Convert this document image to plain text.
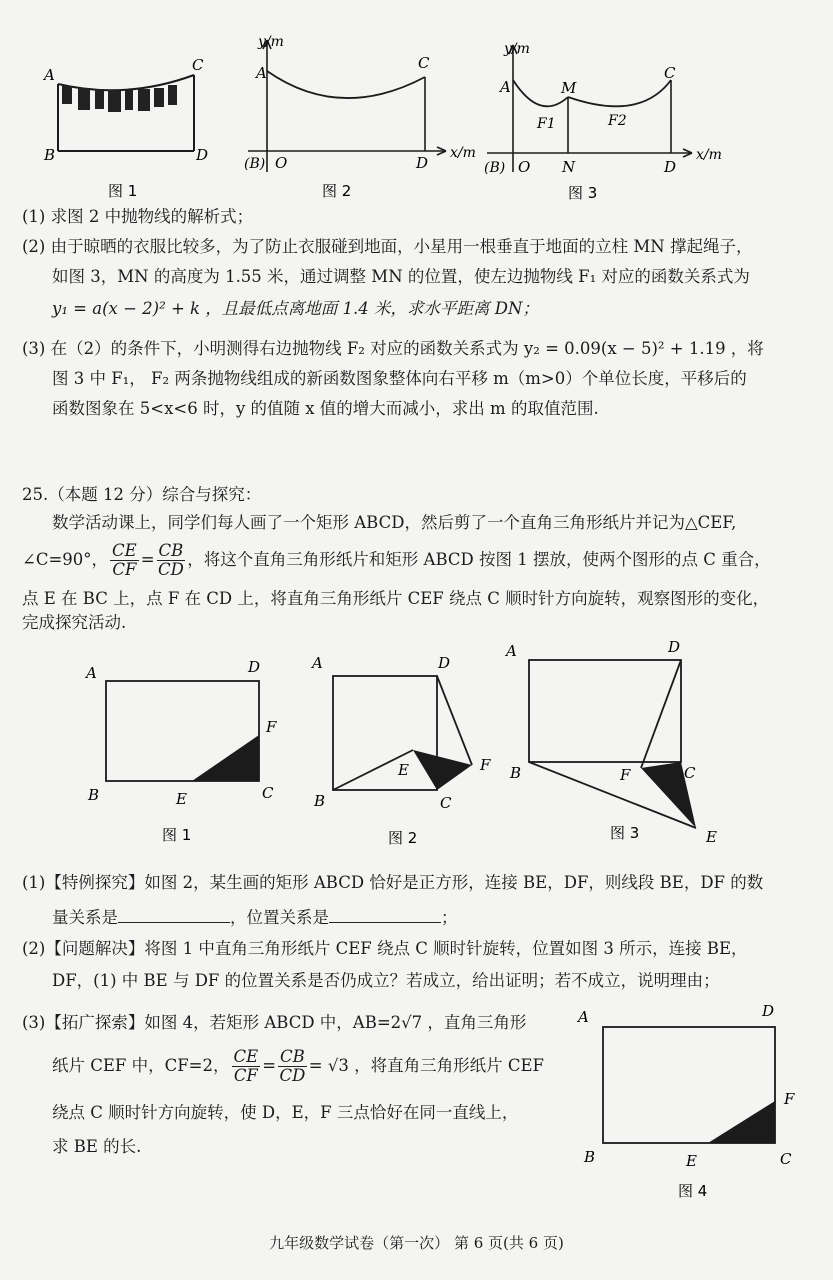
A
C
B	D
图 1
y/m
x/m
A
C
(B) O	D
图 2
y/m
x/m
A	M
C
F1	F2
(B) O N	D
图 3
(1) 求图 2 中抛物线的解析式；
(2) 由于晾晒的衣服比较多，为了防止衣服碰到地面，小星用一根垂直于地面的立柱 MN 撑起绳子，
如图 3，MN 的高度为 1.55 米，通过调整 MN 的位置，使左边抛物线 F₁ 对应的函数关系式为
y₁ = a(x − 2)² + k ，且最低点离地面 1.4 米，求水平距离 DN；
(3) 在（2）的条件下，小明测得右边抛物线 F₂ 对应的函数关系式为 y₂ = 0.09(x − 5)² + 1.19 ，将
图 3 中 F₁， F₂ 两条抛物线组成的新函数图象整体向右平移 m（m>0）个单位长度，平移后的
函数图象在 5<x<6 时，y 的值随 x 值的增大而减小，求出 m 的取值范围.
25.（本题 12 分）综合与探究：
数学活动课上，同学们每人画了一个矩形 ABCD，然后剪了一个直角三角形纸片并记为△CEF,
∠C=90°， $\frac{CE}{CF} = \frac{CB}{CD}$ ，将这个直角三角形纸片和矩形 ABCD 按图 1 摆放，使两个图形的点 C 重合，
点 E 在 BC 上，点 F 在 CD 上，将直角三角形纸片 CEF 绕点 C 顺时针方向旋转，观察图形的变化，
完成探究活动.
A	D
B	E	C
F
图 1
A	D
B
E
C
F
图 2
A	D
B	F	C
E
图 3
(1)【特例探究】如图 2，某生画的矩形 ABCD 恰好是正方形，连接 BE，DF，则线段 BE，DF 的数
量关系是	，位置关系是	；
(2)【问题解决】将图 1 中直角三角形纸片 CEF 绕点 C 顺时针旋转，位置如图 3 所示，连接 BE，
DF，(1) 中 BE 与 DF 的位置关系是否仍成立？若成立，给出证明；若不成立，说明理由；
(3)【拓广探索】如图 4，若矩形 ABCD 中，AB=2√7 ，直角三角形
纸片 CEF 中，CF=2， $\frac{CE}{CF} = \frac{CB}{CD} = √3$ ，将直角三角形纸片 CEF
绕点 C 顺时针方向旋转，使 D，E，F 三点恰好在同一直线上，
求 BE 的长.
A	D
B	E	C
F
图 4
九年级数学试卷（第一次） 第 6 页(共 6 页)
